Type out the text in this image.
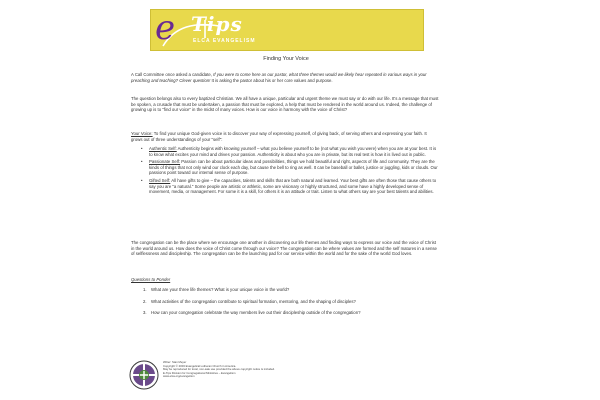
e Tips
ELCA EVANGELISM
Finding Your Voice
A Call Committee once asked a candidate, If you were to come here as our pastor, what three themes would we likely hear repeated in various ways in your preaching and teaching? Clever question! It is asking the pastor about his or her core values and purpose.
The question belongs also to every baptized Christian. We all have a unique, particular and urgent theme we must say or do with our life. It's a message that must be spoken, a crusade that must be undertaken, a passion that must be explored, a help that must be rendered in the world around us. Indeed, the challenge of growing up is to "find our voice" in the midst of many voices. How is our voice in harmony with the voice of Christ?
Your Voice: To find your unique God-given voice is to discover your way of expressing yourself, of giving back, of serving others and expressing your faith. It grows out of three understandings of your "self":
• Authentic Self: Authenticity begins with knowing yourself – what you believe yourself to be (not what you wish you were) when you are at your best. It is to know what excites your mind and drives your passion. Authenticity is about who you are in private, but its real test is how it is lived out in public.
• Passionate Self: Passion can be about particular ideas and possibilities, things we hold beautiful and right, aspects of life and community. They are the kinds of things that not only wind our clock each day, but cause the bell to ring as well. It can be baseball or ballet, justice or juggling, kids or clouds. Our passions point toward our internal sense of purpose.
• Gifted Self: All have gifts to give – the capacities, talents and skills that are both natural and learned. Your best gifts are often those that cause others to say you are "a natural." Some people are artistic or athletic, some are visionary or highly structured, and some have a highly developed sense of movement, media, or management. For some it is a skill, for others it is an attitude or trait. Listen to what others say are your best talents and abilities.
The congregation can be the place where we encourage one another in discovering our life themes and finding ways to express our voice and the voice of Christ in the world around us. How does the voice of Christ come through our voice? The congregation can be where values are formed and the self matures in a sense of selflessness and discipleship. The congregation can be the launching pad for our service within the world and for the sake of the world God loves.
Questions to Ponder
1. What are your three life themes? What is your unique voice in the world?
2. What activities of the congregation contribute to spiritual formation, mentoring, and the shaping of disciples?
3. How can your congregation celebrate the way members live out their discipleship outside of the congregation?
Writer: Stan Meyer
Copyright © 2003 Evangelical Lutheran Church in America.
May be reproduced for local, non-sale use provided the above copyright notice is included.
E-Tips Division for Congregational Ministries – Evangelism
www.elca.org/evangelism
